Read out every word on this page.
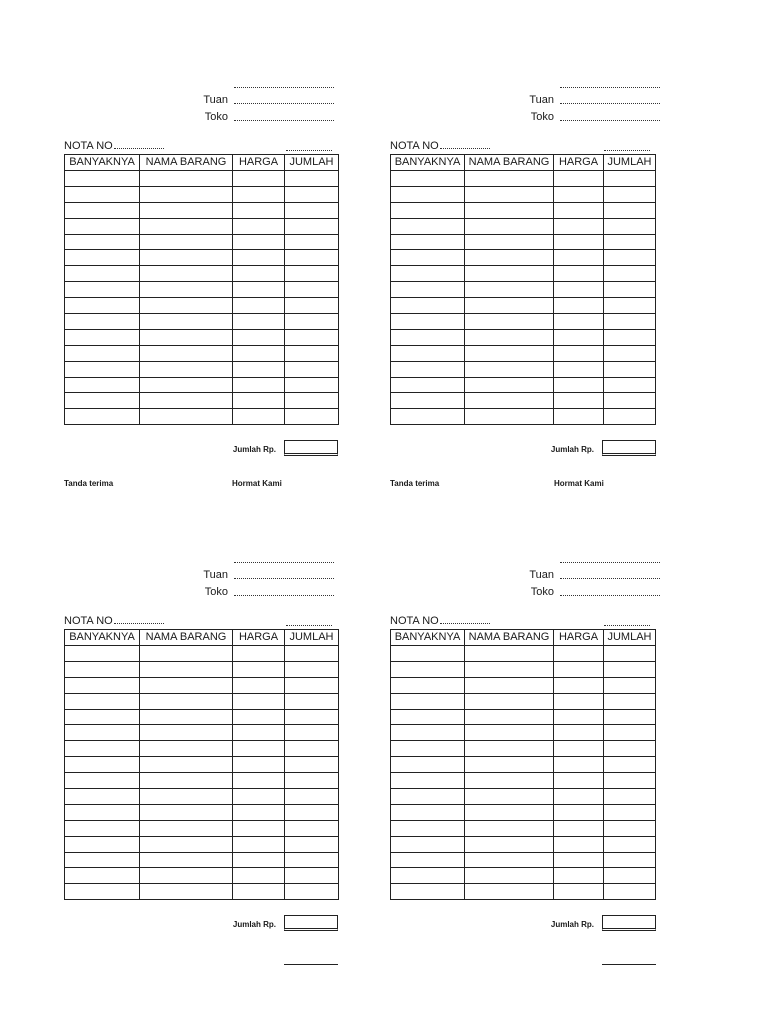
Tuan
Toko
NOTA NO
BANYAKNYA	NAMA BARANG	HARGA	JUMLAH

Jumlah Rp.
Tanda terima	Hormat Kami
Tuan
Toko
NOTA NO
BANYAKNYA	NAMA BARANG	HARGA	JUMLAH

Jumlah Rp.
Tanda terima	Hormat Kami
Tuan
Toko
NOTA NO
BANYAKNYA	NAMA BARANG	HARGA	JUMLAH

Jumlah Rp.
Tuan
Toko
NOTA NO
BANYAKNYA	NAMA BARANG	HARGA	JUMLAH

Jumlah Rp.
